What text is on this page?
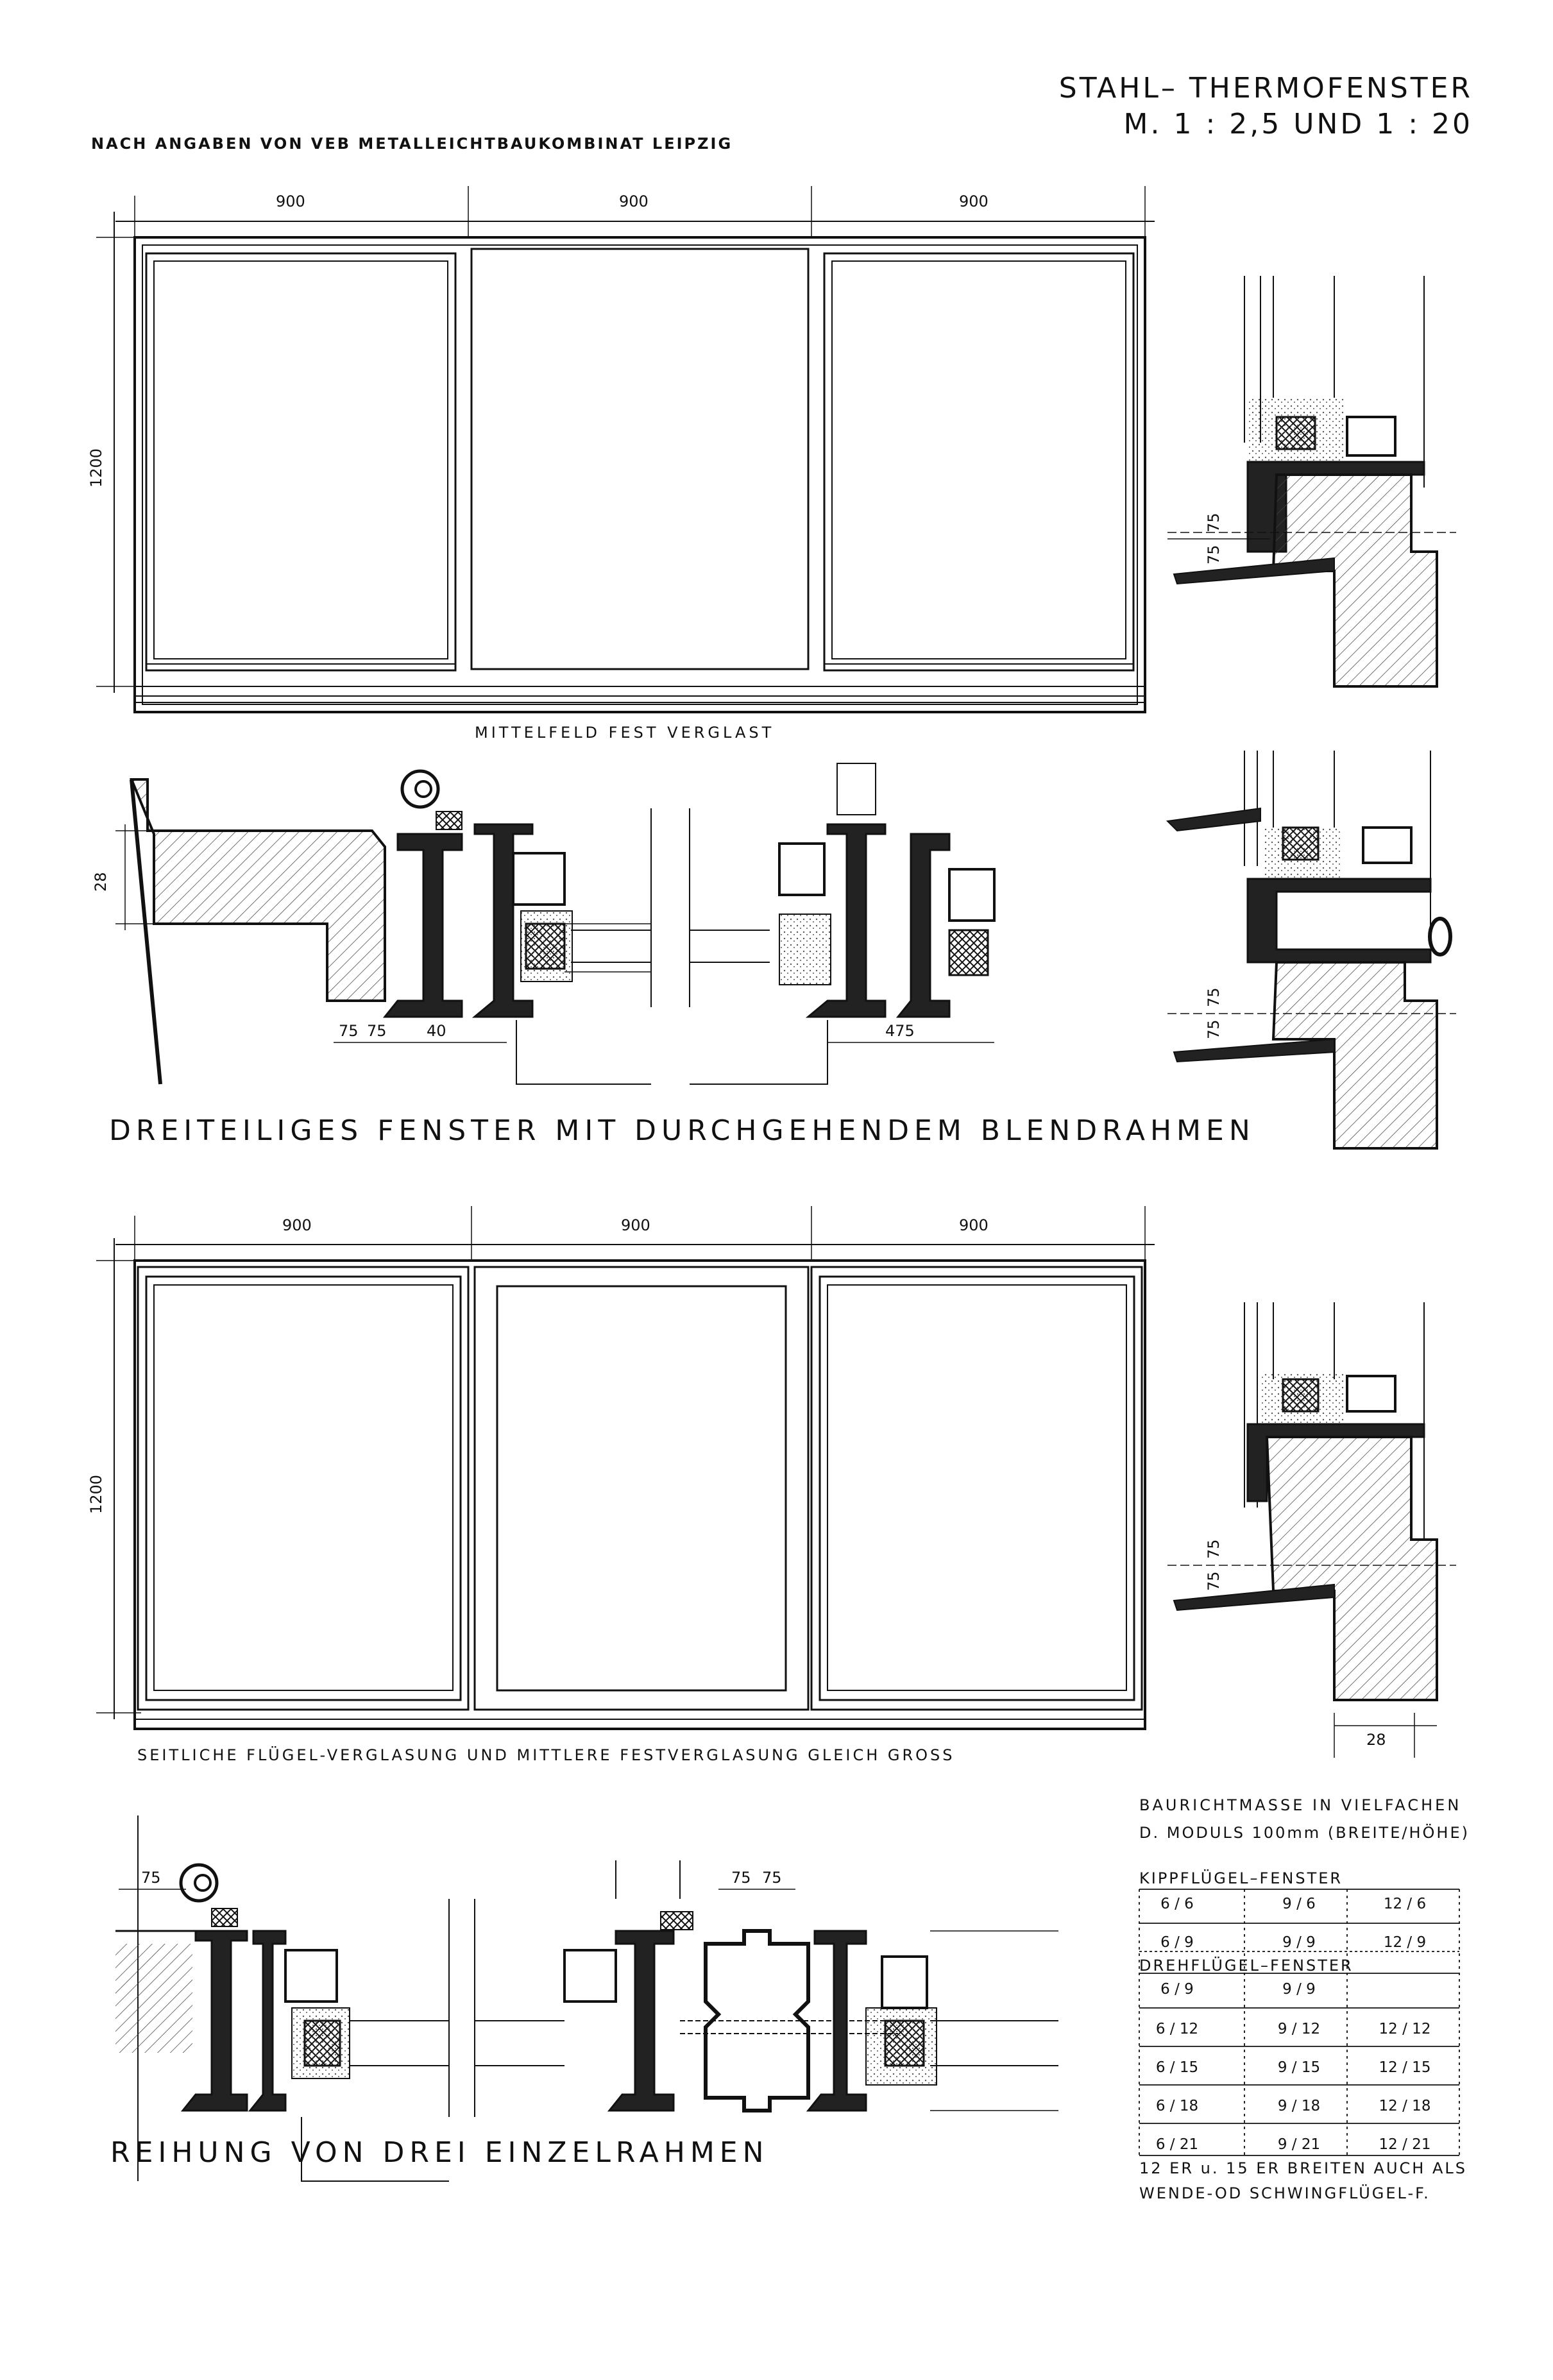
STAHL– THERMOFENSTER
M. 1 : 2,5 UND 1 : 20
NACH ANGABEN VON VEB METALLEICHTBAUKOMBINAT LEIPZIG
MITTELFELD FEST VERGLAST
DREITEILIGES FENSTER MIT DURCHGEHENDEM BLENDRAHMEN
SEITLICHE FLÜGEL-VERGLASUNG UND MITTLERE FESTVERGLASUNG GLEICH GROSS
REIHUNG VON DREI EINZELRAHMEN
BAURICHTMASSE IN VIELFACHEN
D. MODULS 100mm (BREITE/HÖHE)
KIPPFLÜGEL–FENSTER
DREHFLÜGEL–FENSTER
12 ER u. 15 ER BREITEN AUCH ALS
WENDE-OD SCHWINGFLÜGEL-F.
6 / 6	9 / 6	12 / 6
6 / 9	9 / 9	12 / 9
6 / 9	9 / 9
6 / 12	9 / 12	12 / 12
6 / 15	9 / 15	12 / 15
6 / 18	9 / 18	12 / 18
6 / 21	9 / 21	12 / 21
900	900	900
1200
28
75 75	40	475
75
75
75
75
900	900	900
1200
75
75
28
75	75 75
